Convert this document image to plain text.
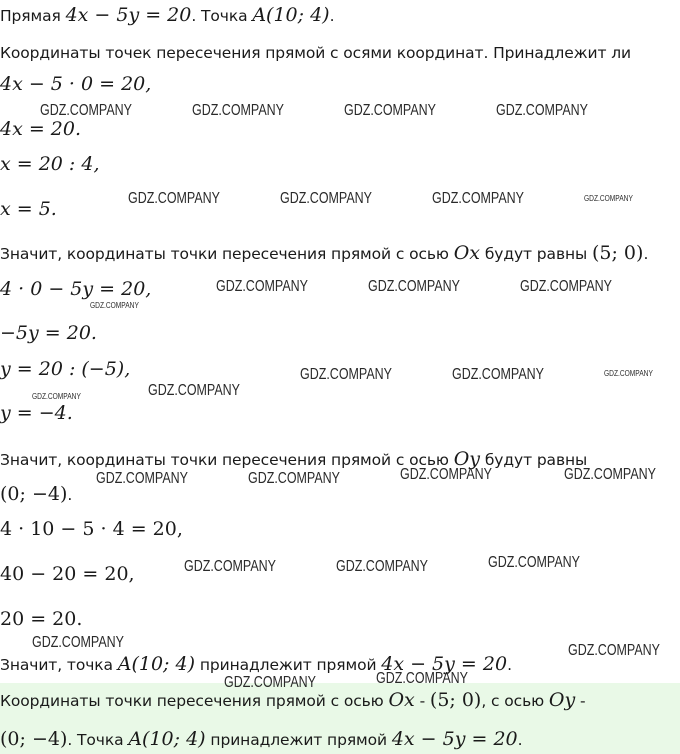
Прямая 4x − 5y = 20. Точка A(10; 4).
Координаты точек пересечения прямой с осями координат. Принадлежит ли
4x − 5 · 0 = 20,
4x = 20.
x = 20 : 4,
x = 5.
Значит, координаты точки пересечения прямой с осью Ox будут равны (5; 0).
4 · 0 − 5y = 20,
−5y = 20.
y = 20 : (−5),
y = −4.
Значит, координаты точки пересечения прямой с осью Oy будут равны
(0; −4).
4 · 10 − 5 · 4 = 20,
40 − 20 = 20,
20 = 20.
Значит, точка A(10; 4) принадлежит прямой 4x − 5y = 20.
Координаты точки пересечения прямой с осью Ox - (5; 0), с осью Oy -
(0; −4). Точка A(10; 4) принадлежит прямой 4x − 5y = 20.
GDZ.COMPANY	GDZ.COMPANY	GDZ.COMPANY	GDZ.COMPANY
GDZ.COMPANY	GDZ.COMPANY	GDZ.COMPANY	GDZ.COMPANY
GDZ.COMPANY
GDZ.COMPANY	GDZ.COMPANY	GDZ.COMPANY
GDZ.COMPANY	GDZ.COMPANY	GDZ.COMPANY
GDZ.COMPANY
GDZ.COMPANY
GDZ.COMPANY	GDZ.COMPANY	GDZ.COMPANY	GDZ.COMPANY
GDZ.COMPANY	GDZ.COMPANY	GDZ.COMPANY
GDZ.COMPANY	GDZ.COMPANY
GDZ.COMPANY	GDZ.COMPANY
